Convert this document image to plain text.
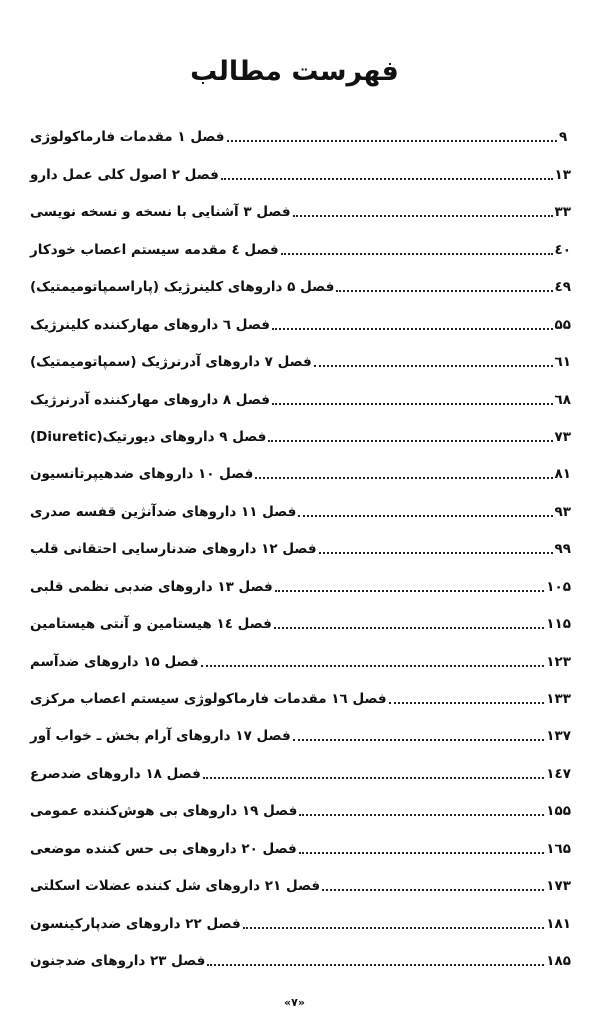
فهرست مطالب
فصل ۱ مقدمات فارماکولوژی	۹
فصل ۲ اصول کلی عمل دارو	۱۳
فصل ۳ آشنایی با نسخه و نسخه نویسی	۳۳
فصل ٤ مقدمه سیستم اعصاب خودکار	٤٠
فصل ۵ داروهای کلینرژیک (پاراسمپاتومیمتیک)	٤٩
فصل ٦ داروهای مهارکننده کلینرژیک	۵۵
فصل ۷ داروهای آدرنرژیک (سمپاتومیمتیک)	٦۱
فصل ۸ داروهای مهارکننده آدرنرژیک	٦۸
فصل ۹ داروهای دیورتیک(Diuretic)	۷۳
فصل ۱۰ داروهای ضدهیپرتانسیون	۸۱
فصل ۱۱ داروهای ضدآنژین قفسه صدری	۹۳
فصل ۱۲ داروهای ضدنارسایی احتقانی قلب	۹۹
فصل ۱۳ داروهای ضدبی نظمی قلبی	۱۰۵
فصل ١٤ هیستامین و آنتی هیستامین	۱۱۵
فصل ۱۵ داروهای ضدآسم	۱۲۳
فصل ۱٦ مقدمات فارماکولوژی سیستم اعصاب مرکزی	۱۳۳
فصل ۱۷ داروهای آرام بخش ـ خواب آور	۱۳۷
فصل ۱۸ داروهای ضدصرع	۱٤۷
فصل ۱۹ داروهای بی هوش‌کننده عمومی	۱۵۵
فصل ۲۰ داروهای بی حس کننده موضعی	۱٦۵
فصل ۲۱ داروهای شل کننده عضلات اسکلتی	۱۷۳
فصل ۲۲ داروهای ضدپارکینسون	۱۸۱
فصل ۲۳ داروهای ضدجنون	۱۸۵
«۷»
